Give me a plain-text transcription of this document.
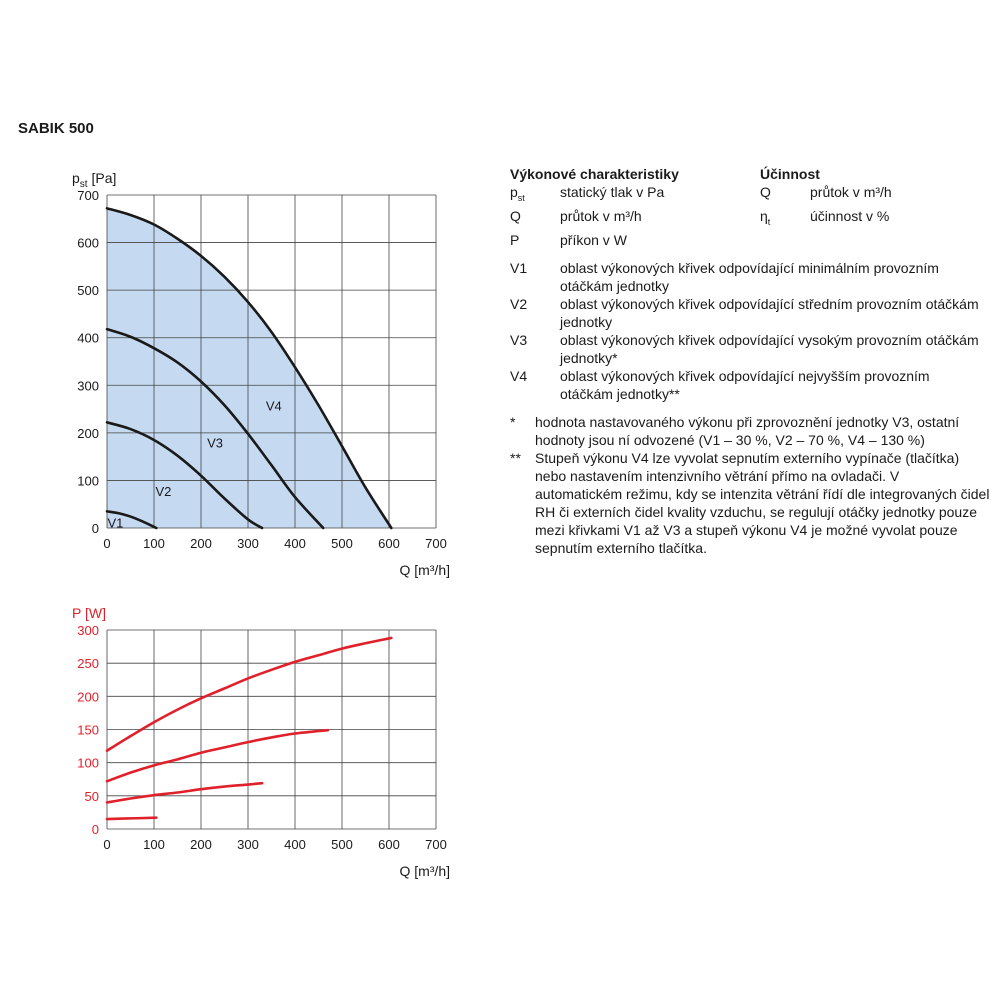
SABIK 500
0	100 200 300 400 500 600 700
0
100
200
300
400
500
600
700
V1
V2
V3
V4
$p_{st}$ [Pa]
Q [m³/h]
0	100 200 300 400 500 600 700
0
50
100
150
200
250
300
P [W]
Q [m³/h]
Výkonové charakteristiky	Účinnost
$p_{st}$	statický tlak v Pa	Q	průtok v m³/h
Q	průtok v m³/h	$\eta_t$	účinnost v %
P	příkon v W
V1	oblast výkonových křivek odpovídající minimálním provozním otáčkám jednotky
V2	oblast výkonových křivek odpovídající středním provozním otáčkám jednotky
V3	oblast výkonových křivek odpovídající vysokým provozním otáčkám jednotky*
V4	oblast výkonových křivek odpovídající nejvyšším provozním otáčkám jednotky**
*	hodnota nastavovaného výkonu při zprovoznění jednotky V3, ostatní hodnoty jsou ní odvozené (V1 – 30 %, V2 – 70 %, V4 – 130 %)
**	Stupeň výkonu V4 lze vyvolat sepnutím externího vypínače (tlačítka) nebo nastavením intenzivního větrání přímo na ovladači. V automatickém režimu, kdy se intenzita větrání řídí dle integrovaných čidel RH či externích čidel kvality vzduchu, se regulují otáčky jednotky pouze mezi křivkami V1 až V3 a stupeň výkonu V4 je možné vyvolat pouze sepnutím externího tlačítka.
